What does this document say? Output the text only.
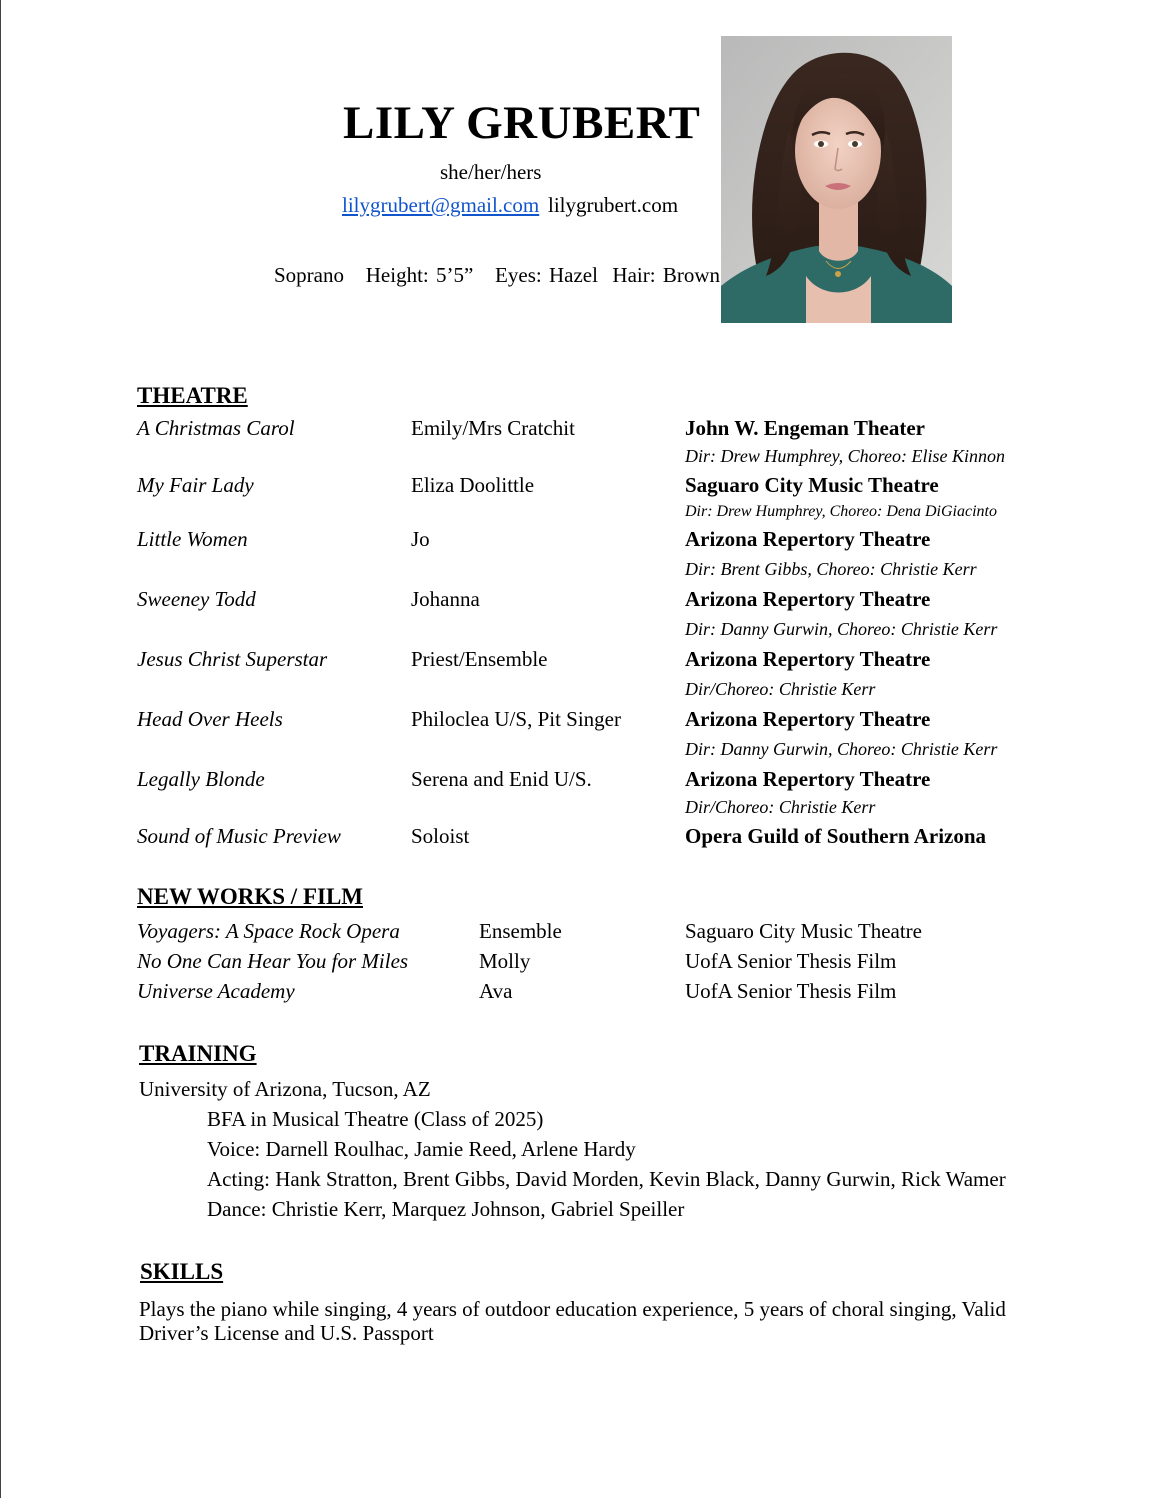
LILY GRUBERT
she/her/hers
lilygrubert@gmail.com lilygrubert.com
Soprano   Height: 5’5”   Eyes: Hazel  Hair: Brown
THEATRE
A Christmas Carol	Emily/Mrs Cratchit	John W. Engeman Theater
Dir: Drew Humphrey, Choreo: Elise Kinnon
My Fair Lady	Eliza Doolittle	Saguaro City Music Theatre
Dir: Drew Humphrey, Choreo: Dena DiGiacinto
Little Women	Jo	Arizona Repertory Theatre
Dir: Brent Gibbs, Choreo: Christie Kerr
Sweeney Todd	Johanna	Arizona Repertory Theatre
Dir: Danny Gurwin, Choreo: Christie Kerr
Jesus Christ Superstar	Priest/Ensemble	Arizona Repertory Theatre
Dir/Choreo: Christie Kerr
Head Over Heels	Philoclea U/S, Pit Singer	Arizona Repertory Theatre
Dir: Danny Gurwin, Choreo: Christie Kerr
Legally Blonde	Serena and Enid U/S.	Arizona Repertory Theatre
Dir/Choreo: Christie Kerr
Sound of Music Preview	Soloist	Opera Guild of Southern Arizona
NEW WORKS / FILM
Voyagers: A Space Rock Opera	Ensemble	Saguaro City Music Theatre
No One Can Hear You for Miles	Molly	UofA Senior Thesis Film
Universe Academy	Ava	UofA Senior Thesis Film
TRAINING
University of Arizona, Tucson, AZ
BFA in Musical Theatre (Class of 2025)
Voice: Darnell Roulhac, Jamie Reed, Arlene Hardy
Acting: Hank Stratton, Brent Gibbs, David Morden, Kevin Black, Danny Gurwin, Rick Wamer
Dance: Christie Kerr, Marquez Johnson, Gabriel Speiller
SKILLS
Plays the piano while singing, 4 years of outdoor education experience, 5 years of choral singing, Valid Driver’s License and U.S. Passport
